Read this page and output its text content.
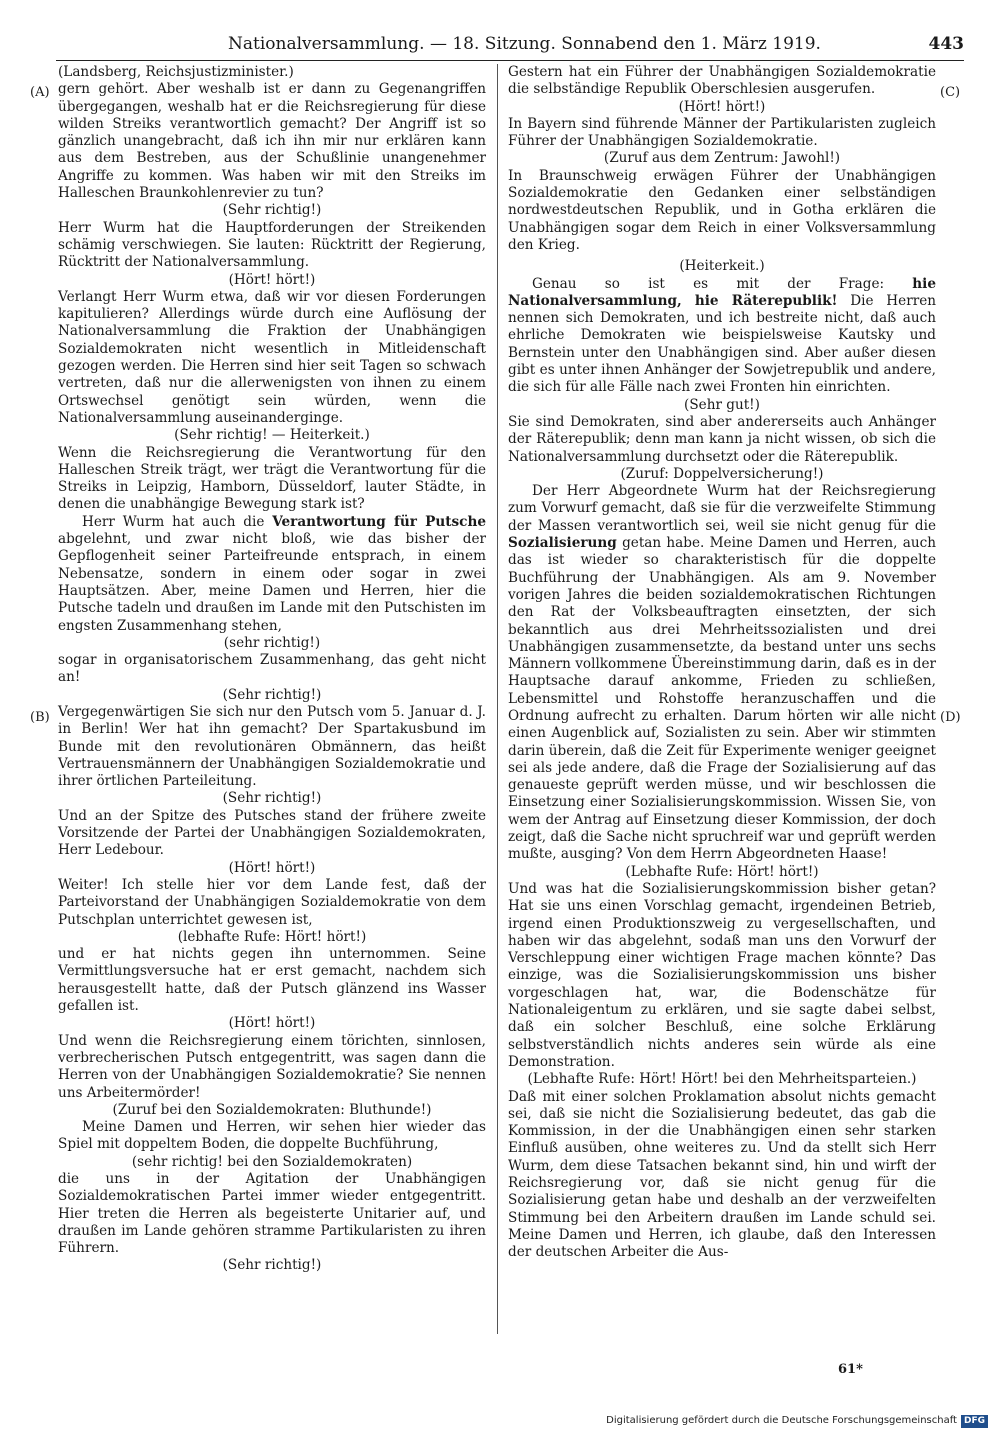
Nationalversammlung. — 18. Sitzung. Sonnabend den 1. März 1919.	443
(A)
(B)
(C)
(D)

(Landsberg, Reichsjustizminister.)

gern gehört. Aber weshalb ist er dann zu Gegenangriffen übergegangen, weshalb hat er die Reichsregierung für diese wilden Streiks verantwortlich gemacht? Der Angriff ist so gänzlich unangebracht, daß ich ihn mir nur erklären kann aus dem Bestreben, aus der Schußlinie unangenehmer Angriffe zu kommen. Was haben wir mit den Streiks im Halleschen Braunkohlenrevier zu tun?

(Sehr richtig!)

Herr Wurm hat die Hauptforderungen der Streikenden schämig verschwiegen. Sie lauten: Rücktritt der Regierung, Rücktritt der Nationalversammlung.

(Hört! hört!)

Verlangt Herr Wurm etwa, daß wir vor diesen Forderungen kapitulieren? Allerdings würde durch eine Auflösung der Nationalversammlung die Fraktion der Unabhängigen Sozialdemokraten nicht wesentlich in Mitleidenschaft gezogen werden. Die Herren sind hier seit Tagen so schwach vertreten, daß nur die allerwenigsten von ihnen zu einem Ortswechsel genötigt sein würden, wenn die Nationalversammlung auseinanderginge.

(Sehr richtig! — Heiterkeit.)

Wenn die Reichsregierung die Verantwortung für den Halleschen Streik trägt, wer trägt die Verantwortung für die Streiks in Leipzig, Hamborn, Düsseldorf, lauter Städte, in denen die unabhängige Bewegung stark ist?

Herr Wurm hat auch die Verantwortung für Putsche abgelehnt, und zwar nicht bloß, wie das bisher der Gepflogenheit seiner Parteifreunde entsprach, in einem Nebensatze, sondern in einem oder sogar in zwei Hauptsätzen. Aber, meine Damen und Herren, hier die Putsche tadeln und draußen im Lande mit den Putschisten im engsten Zusammenhang stehen,

(sehr richtig!)

sogar in organisatorischem Zusammenhang, das geht nicht an!

(Sehr richtig!)

Vergegenwärtigen Sie sich nur den Putsch vom 5. Januar d. J. in Berlin! Wer hat ihn gemacht? Der Spartakusbund im Bunde mit den revolutionären Obmännern, das heißt Vertrauensmännern der Unabhängigen Sozialdemokratie und ihrer örtlichen Parteileitung.

(Sehr richtig!)

Und an der Spitze des Putsches stand der frühere zweite Vorsitzende der Partei der Unabhängigen Sozialdemokraten, Herr Ledebour.

(Hört! hört!)

Weiter! Ich stelle hier vor dem Lande fest, daß der Parteivorstand der Unabhängigen Sozialdemokratie von dem Putschplan unterrichtet gewesen ist,

(lebhafte Rufe: Hört! hört!)

und er hat nichts gegen ihn unternommen. Seine Vermittlungsversuche hat er erst gemacht, nachdem sich herausgestellt hatte, daß der Putsch glänzend ins Wasser gefallen ist.

(Hört! hört!)

Und wenn die Reichsregierung einem törichten, sinnlosen, verbrecherischen Putsch entgegentritt, was sagen dann die Herren von der Unabhängigen Sozialdemokratie? Sie nennen uns Arbeitermörder!

(Zuruf bei den Sozialdemokraten: Bluthunde!)

Meine Damen und Herren, wir sehen hier wieder das Spiel mit doppeltem Boden, die doppelte Buchführung,

(sehr richtig! bei den Sozialdemokraten)

die uns in der Agitation der Unabhängigen Sozialdemokratischen Partei immer wieder entgegentritt. Hier treten die Herren als begeisterte Unitarier auf, und draußen im Lande gehören stramme Partikularisten zu ihren Führern.

(Sehr richtig!)

Gestern hat ein Führer der Unabhängigen Sozialdemokratie die selbständige Republik Oberschlesien ausgerufen.

(Hört! hört!)

In Bayern sind führende Männer der Partikularisten zugleich Führer der Unabhängigen Sozialdemokratie.

(Zuruf aus dem Zentrum: Jawohl!)

In Braunschweig erwägen Führer der Unabhängigen Sozialdemokratie den Gedanken einer selbständigen nordwestdeutschen Republik, und in Gotha erklären die Unabhängigen sogar dem Reich in einer Volksversammlung den Krieg.

(Heiterkeit.)

Genau so ist es mit der Frage: hie Nationalversammlung, hie Räterepublik! Die Herren nennen sich Demokraten, und ich bestreite nicht, daß auch ehrliche Demokraten wie beispielsweise Kautsky und Bernstein unter den Unabhängigen sind. Aber außer diesen gibt es unter ihnen Anhänger der Sowjetrepublik und andere, die sich für alle Fälle nach zwei Fronten hin einrichten.

(Sehr gut!)

Sie sind Demokraten, sind aber andererseits auch Anhänger der Räterepublik; denn man kann ja nicht wissen, ob sich die Nationalversammlung durchsetzt oder die Räterepublik.

(Zuruf: Doppelversicherung!)

Der Herr Abgeordnete Wurm hat der Reichsregierung zum Vorwurf gemacht, daß sie für die verzweifelte Stimmung der Massen verantwortlich sei, weil sie nicht genug für die Sozialisierung getan habe. Meine Damen und Herren, auch das ist wieder so charakteristisch für die doppelte Buchführung der Unabhängigen. Als am 9. November vorigen Jahres die beiden sozialdemokratischen Richtungen den Rat der Volksbeauftragten einsetzten, der sich bekanntlich aus drei Mehrheitssozialisten und drei Unabhängigen zusammensetzte, da bestand unter uns sechs Männern vollkommene Übereinstimmung darin, daß es in der Hauptsache darauf ankomme, Frieden zu schließen, Lebensmittel und Rohstoffe heranzuschaffen und die Ordnung aufrecht zu erhalten. Darum hörten wir alle nicht einen Augenblick auf, Sozialisten zu sein. Aber wir stimmten darin überein, daß die Zeit für Experimente weniger geeignet sei als jede andere, daß die Frage der Sozialisierung auf das genaueste geprüft werden müsse, und wir beschlossen die Einsetzung einer Sozialisierungskommission. Wissen Sie, von wem der Antrag auf Einsetzung dieser Kommission, der doch zeigt, daß die Sache nicht spruchreif war und geprüft werden mußte, ausging? Von dem Herrn Abgeordneten Haase!

(Lebhafte Rufe: Hört! hört!)

Und was hat die Sozialisierungskommission bisher getan? Hat sie uns einen Vorschlag gemacht, irgendeinen Betrieb, irgend einen Produktionszweig zu vergesellschaften, und haben wir das abgelehnt, sodaß man uns den Vorwurf der Verschleppung einer wichtigen Frage machen könnte? Das einzige, was die Sozialisierungskommission uns bisher vorgeschlagen hat, war, die Bodenschätze für Nationaleigentum zu erklären, und sie sagte dabei selbst, daß ein solcher Beschluß, eine solche Erklärung selbstverständlich nichts anderes sein würde als eine Demonstration.

(Lebhafte Rufe: Hört! Hört! bei den Mehrheitsparteien.)

Daß mit einer solchen Proklamation absolut nichts gemacht sei, daß sie nicht die Sozialisierung bedeutet, das gab die Kommission, in der die Unabhängigen einen sehr starken Einfluß ausüben, ohne weiteres zu. Und da stellt sich Herr Wurm, dem diese Tatsachen bekannt sind, hin und wirft der Reichsregierung vor, daß sie nicht genug für die Sozialisierung getan habe und deshalb an der verzweifelten Stimmung bei den Arbeitern draußen im Lande schuld sei. Meine Damen und Herren, ich glaube, daß den Interessen der deutschen Arbeiter die Aus-

61*
Digitalisierung gefördert durch die Deutsche Forschungsgemeinschaft DFG
